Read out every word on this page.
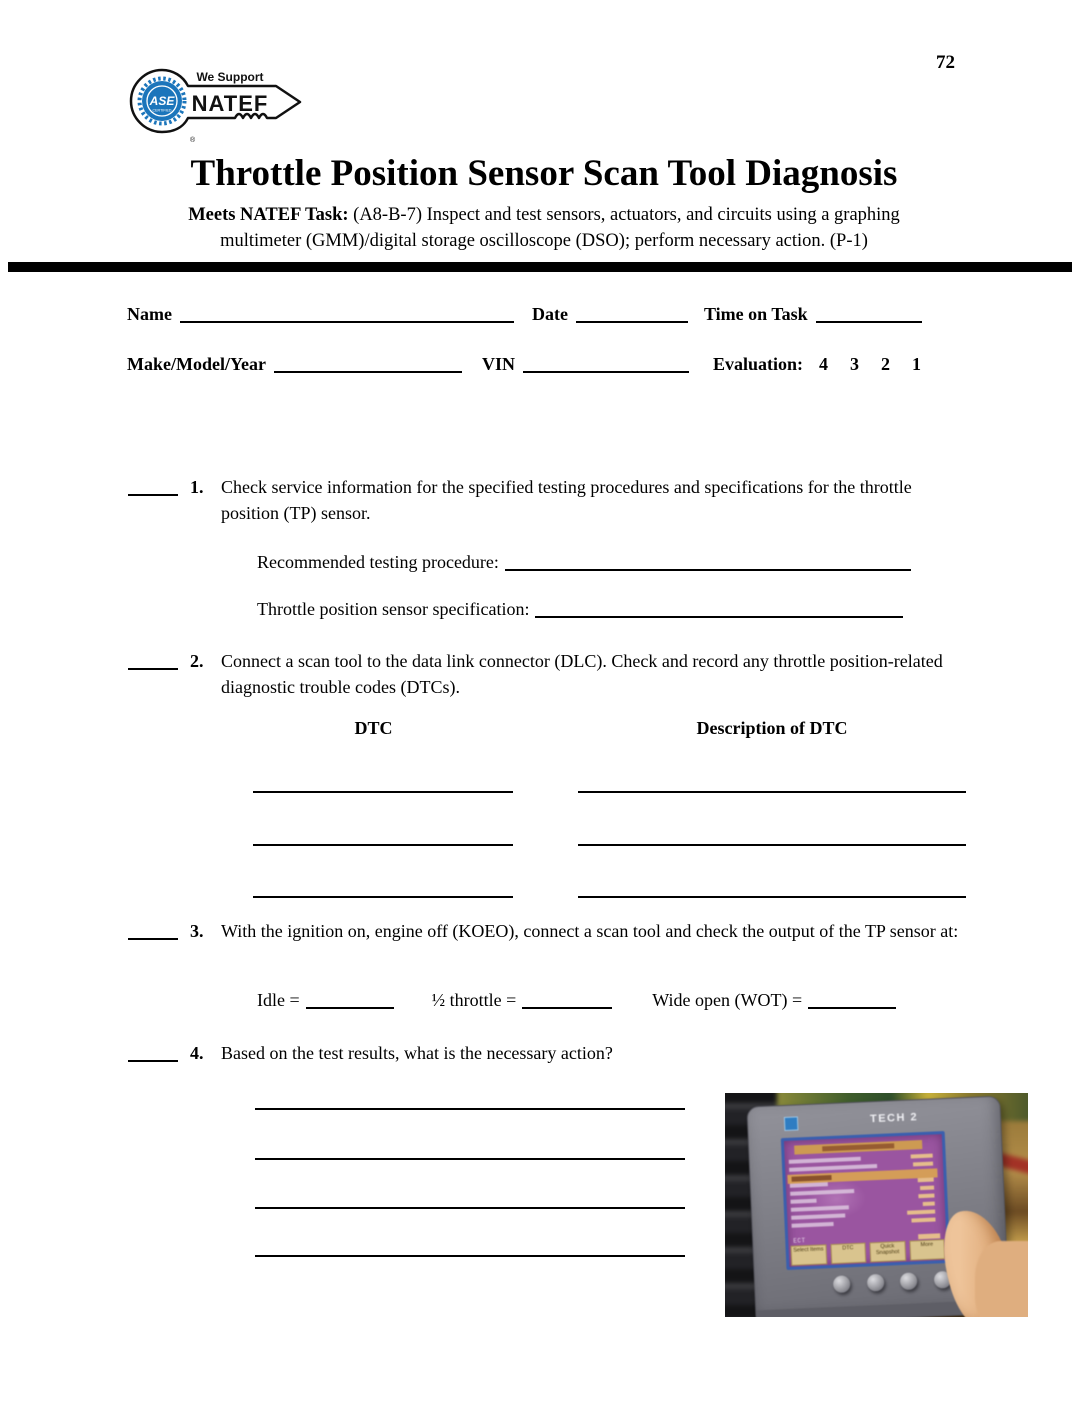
72
ASE
CERTIFIED
We Support
NATEF
®
Throttle Position Sensor Scan Tool Diagnosis
Meets NATEF Task: (A8-B-7) Inspect and test sensors, actuators, and circuits using a graphing
multimeter (GMM)/digital storage oscilloscope (DSO); perform necessary action. (P-1)
Name	Date	Time on Task
Make/Model/Year	VIN	Evaluation: 4 3 2 1
1. Check service information for the specified testing procedures and specifications for the throttle position (TP) sensor.
Recommended testing procedure:
Throttle position sensor specification:
2. Connect a scan tool to the data link connector (DLC). Check and record any throttle position-related diagnostic trouble codes (DTCs).
DTC	Description of DTC
3. With the ignition on, engine off (KOEO), connect a scan tool and check the output of the TP sensor at:
Idle =	½ throttle =	Wide open (WOT) =
4. Based on the test results, what is the necessary action?
TECH 2
ECT
Select Items	DTC	Quick Snapshot
More
